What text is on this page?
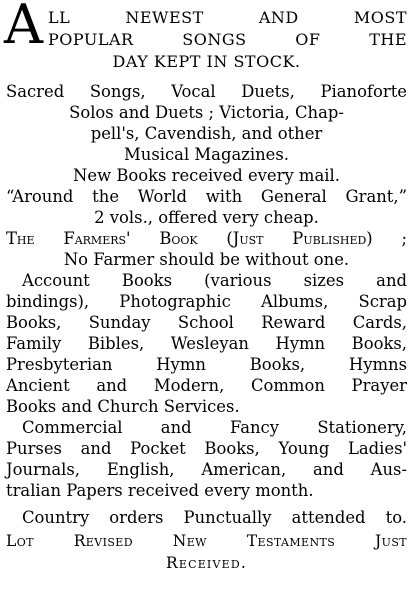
A LL NEWEST AND MOST
POPULAR SONGS OF THE
DAY KEPT IN STOCK.
Sacred Songs, Vocal Duets, Pianoforte
Solos and Duets ; Victoria, Chap-
pell's, Cavendish, and other
Musical Magazines.
New Books received every mail.
“Around the World with General Grant,”
2 vols., offered very cheap.
The Farmers' Book (Just Published) ;
No Farmer should be without one.
Account Books (various sizes and
bindings), Photographic Albums, Scrap
Books, Sunday School Reward Cards,
Family Bibles, Wesleyan Hymn Books,
Presbyterian Hymn Books, Hymns
Ancient and Modern, Common Prayer
Books and Church Services.
Commercial and Fancy Stationery,
Purses and Pocket Books, Young Ladies'
Journals, English, American, and Aus-
tralian Papers received every month.
Country orders Punctually attended to.
Lot Revised New Testaments Just
Received.
